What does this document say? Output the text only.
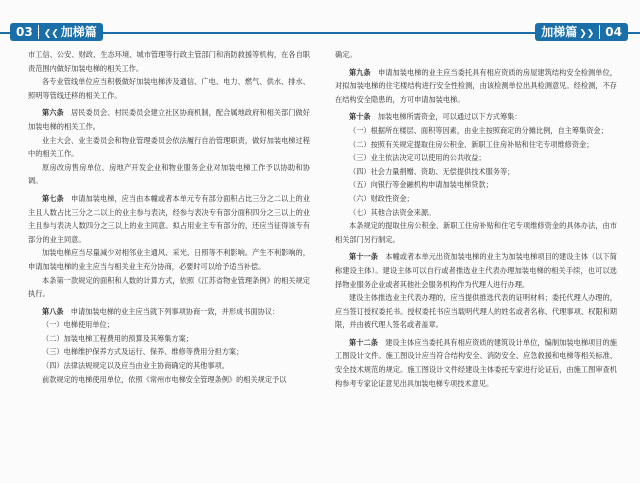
03 ❮❮ 加梯篇	加梯篇 ❯❯ 04

市工信、公安、财政、生态环境、城市管理等行政主管部门和消防救援等机构，在各自职责范围内做好加装电梯的相关工作。

各专业管线单位应当积极做好加装电梯涉及通信、广电、电力、燃气、供水、排水、照明等管线迁移的相关工作。

第六条  居民委员会、村民委员会建立社区协商机制，配合属地政府和相关部门做好加装电梯的相关工作。

业主大会、业主委员会和物业管理委员会依法履行自治管理职责，做好加装电梯过程中的相关工作。

原房改房售房单位、房地产开发企业和物业服务企业对加装电梯工作予以协助和协调。

第七条  申请加装电梯，应当由本幢或者本单元专有部分面积占比三分之二以上的业主且人数占比三分之二以上的业主参与表决，经参与表决专有部分面积四分之三以上的业主且参与表决人数四分之三以上的业主同意。拟占用业主专有部分的，还应当征得该专有部分的业主同意。

加装电梯应当尽量减少对相邻业主通风、采光、日照等不利影响。产生不利影响的，申请加装电梯的业主应当与相关业主充分协商，必要时可以给予适当补偿。

本条第一款规定的面积和人数的计算方式，依照《江苏省物业管理条例》的相关规定执行。

第八条  申请加装电梯的业主应当就下列事项协商一致，并形成书面协议：

（一）电梯使用单位；

（二）加装电梯工程费用的预算及其筹集方案；

（三）电梯维护保养方式及运行、保养、维修等费用分担方案；

（四）法律法规规定以及应当由业主协商确定的其他事项。

前款规定的电梯使用单位，依照《常州市电梯安全管理条例》的相关规定予以

确定。

第九条  申请加装电梯的业主应当委托具有相应资质的房屋建筑结构安全检测单位，对拟加装电梯的住宅楼结构进行安全性检测，由该检测单位出具检测意见。经检测，不存在结构安全隐患的，方可申请加装电梯。

第十条  加装电梯所需资金，可以通过以下方式筹集：

（一）根据所在楼层、面积等因素，由业主按照商定的分摊比例，自主筹集资金；

（二）按照有关规定提取住房公积金、新职工住房补贴和住宅专项维修资金；

（三）业主依法决定可以使用的公共收益；

（四）社会力量捐赠、资助、无偿提供技术服务等；

（五）向银行等金融机构申请加装电梯贷款；

（六）财政性资金；

（七）其他合法资金来源。

本条规定的提取住房公积金、新职工住房补贴和住宅专项维修资金的具体办法，由市相关部门另行制定。

第十一条  本幢或者本单元出资加装电梯的业主为加装电梯项目的建设主体（以下简称建设主体）。建设主体可以自行或者推选业主代表办理加装电梯的相关手续，也可以选择物业服务企业或者其他社会服务机构作为代理人进行办理。

建设主体推选业主代表办理的，应当提供推选代表的证明材料；委托代理人办理的，应当签订授权委托书。授权委托书应当载明代理人的姓名或者名称、代理事项、权限和期限，并由被代理人签名或者盖章。

第十二条  建设主体应当委托具有相应资质的建筑设计单位，编制加装电梯项目的施工图设计文件。施工图设计应当符合结构安全、消防安全、应急救援和电梯等相关标准、安全技术规范的规定。施工图设计文件经建设主体委托专家进行论证后，由施工图审查机构参考专家论证意见出具加装电梯专项技术意见。
